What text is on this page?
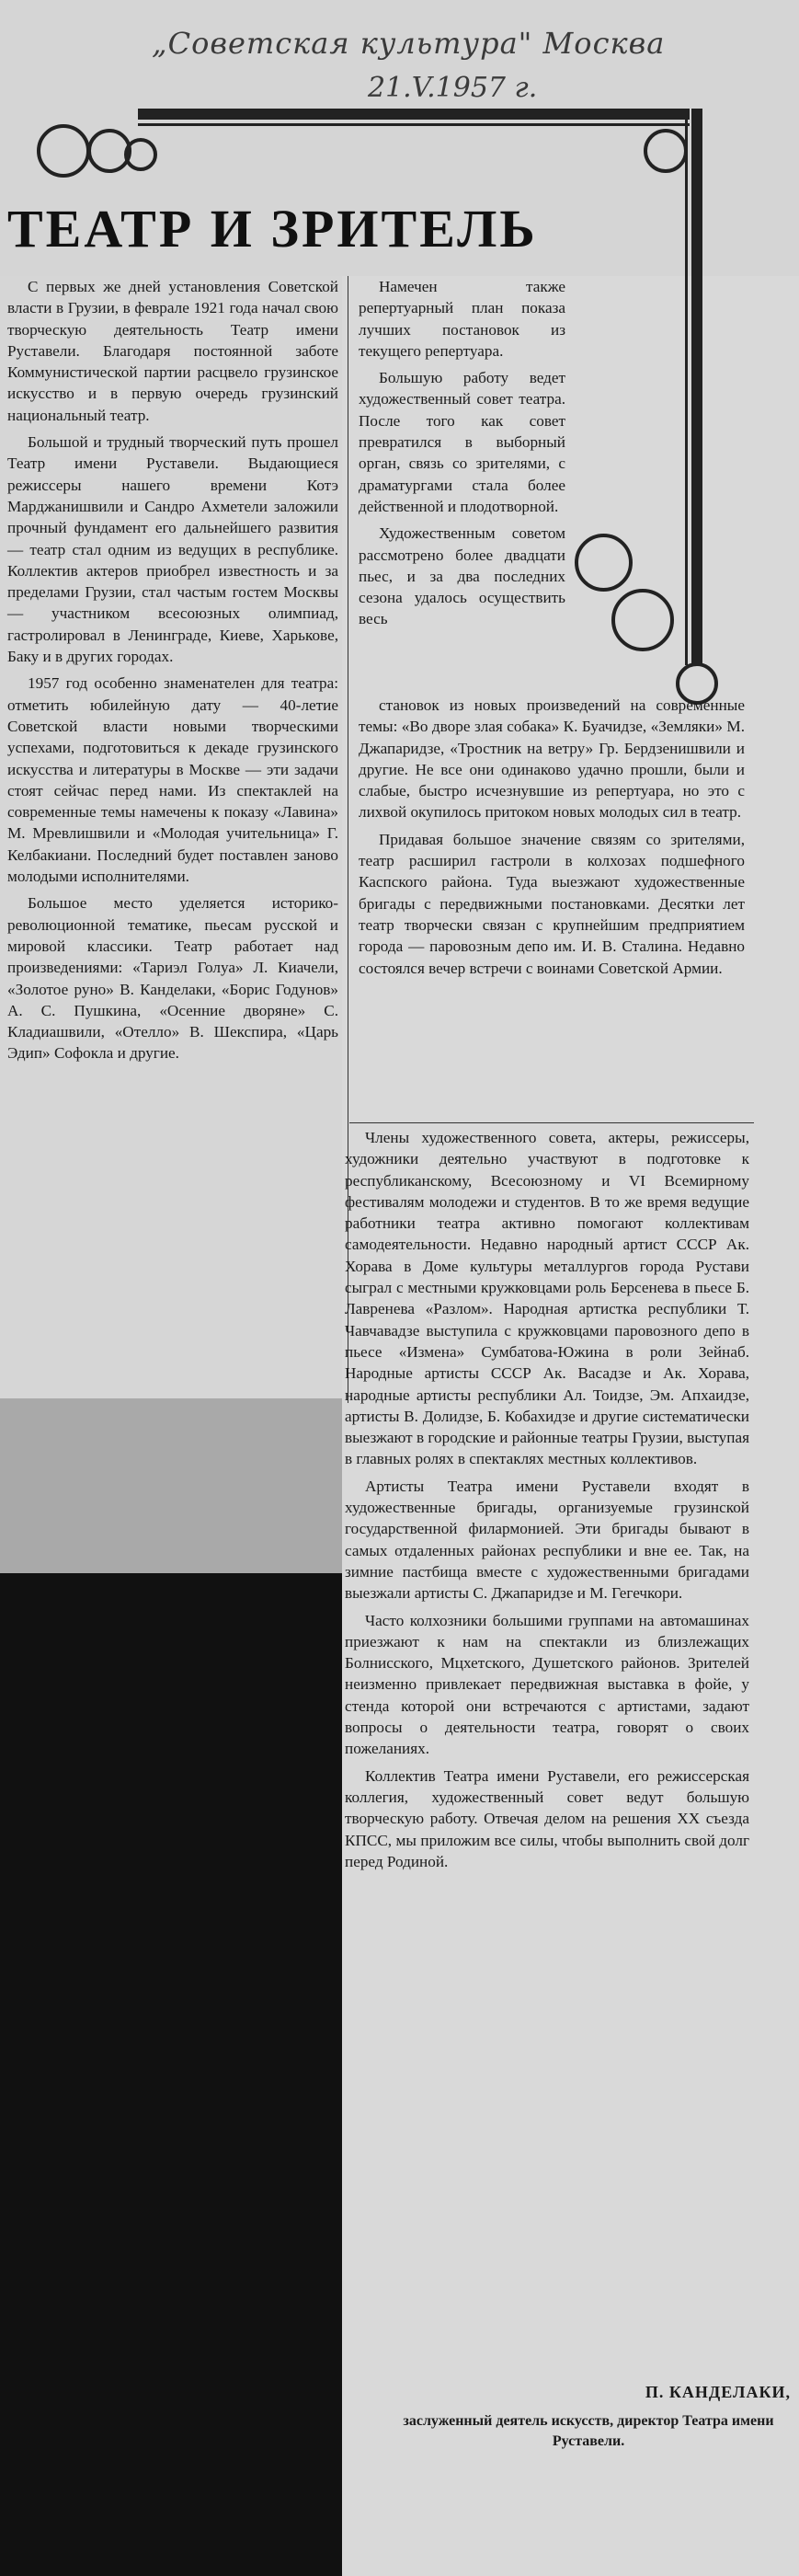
„Советская культура" Москва
21.V.1957 г.
ТЕАТР И ЗРИТЕЛЬ

С первых же дней установления Советской власти в Грузии, в феврале 1921 года начал свою творческую деятельность Театр имени Руставели. Благодаря постоянной заботе Коммунистической партии расцвело грузинское искусство и в первую очередь грузинский национальный театр.

Большой и трудный творческий путь прошел Театр имени Руставели. Выдающиеся режиссеры нашего времени Котэ Марджанишвили и Сандро Ахметели заложили прочный фундамент его дальнейшего развития — театр стал одним из ведущих в республике. Коллектив актеров приобрел известность и за пределами Грузии, стал частым гостем Москвы — участником всесоюзных олимпиад, гастролировал в Ленинграде, Киеве, Харькове, Баку и в других городах.

1957 год особенно знаменателен для театра: отметить юбилейную дату — 40-летие Советской власти новыми творческими успехами, подготовиться к декаде грузинского искусства и литературы в Москве — эти задачи стоят сейчас перед нами. Из спектаклей на современные темы намечены к показу «Лавина» М. Мревлишвили и «Молодая учительница» Г. Келбакиани. Последний будет поставлен заново молодыми исполнителями.

Большое место уделяется историко-революционной тематике, пьесам русской и мировой классики. Театр работает над произведениями: «Тариэл Голуа» Л. Киачели, «Золотое руно» В. Канделаки, «Борис Годунов» А. С. Пушкина, «Осенние дворяне» С. Кладиашвили, «Отелло» В. Шекспира, «Царь Эдип» Софокла и другие.

Намечен также репертуарный план показа лучших постановок из текущего репертуара.

Большую работу ведет художественный совет театра. После того как совет превратился в выборный орган, связь со зрителями, с драматургами стала более действенной и плодотворной.

Художественным советом рассмотрено более двадцати пьес, и за два последних сезона удалось осуществить весь

становок из новых произведений на современные темы: «Во дворе злая собака» К. Буачидзе, «Земляки» М. Джапаридзе, «Тростник на ветру» Гр. Бердзенишвили и другие. Не все они одинаково удачно прошли, были и слабые, быстро исчезнувшие из репертуара, но это с лихвой окупилось притоком новых молодых сил в театр.

Придавая большое значение связям со зрителями, театр расширил гастроли в колхозах подшефного Каспского района. Туда выезжают художественные бригады с передвижными постановками. Десятки лет театр творчески связан с крупнейшим предприятием города — паровозным депо им. И. В. Сталина. Недавно состоялся вечер встречи с воинами Советской Армии.

Члены художественного совета, актеры, режиссеры, художники деятельно участвуют в подготовке к республиканскому, Всесоюзному и VI Всемирному фестивалям молодежи и студентов. В то же время ведущие работники театра активно помогают коллективам самодеятельности. Недавно народный артист СССР Ак. Хорава в Доме культуры металлургов города Рустави сыграл с местными кружковцами роль Берсенева в пьесе Б. Лавренева «Разлом». Народная артистка республики Т. Чавчавадзе выступила с кружковцами паровозного депо в пьесе «Измена» Сумбатова-Южина в роли Зейнаб. Народные артисты СССР Ак. Васадзе и Ак. Хорава, народные артисты республики Ал. Тоидзе, Эм. Апхаидзе, артисты В. Долидзе, Б. Кобахидзе и другие систематически выезжают в городские и районные театры Грузии, выступая в главных ролях в спектаклях местных коллективов.

Артисты Театра имени Руставели входят в художественные бригады, организуемые грузинской государственной филармонией. Эти бригады бывают в самых отдаленных районах республики и вне ее. Так, на зимние пастбища вместе с художественными бригадами выезжали артисты С. Джапаридзе и М. Гегечкори.

Часто колхозники большими группами на автомашинах приезжают к нам на спектакли из близлежащих Болнисского, Мцхетского, Душетского районов. Зрителей неизменно привлекает передвижная выставка в фойе, у стенда которой они встречаются с артистами, задают вопросы о деятельности театра, говорят о своих пожеланиях.

Коллектив Театра имени Руставели, его режиссерская коллегия, художественный совет ведут большую творческую работу. Отвечая делом на решения XX съезда КПСС, мы приложим все силы, чтобы выполнить свой долг перед Родиной.

П. КАНДЕЛАКИ,
заслуженный деятель искусств, директор Театра имени Руставели.
